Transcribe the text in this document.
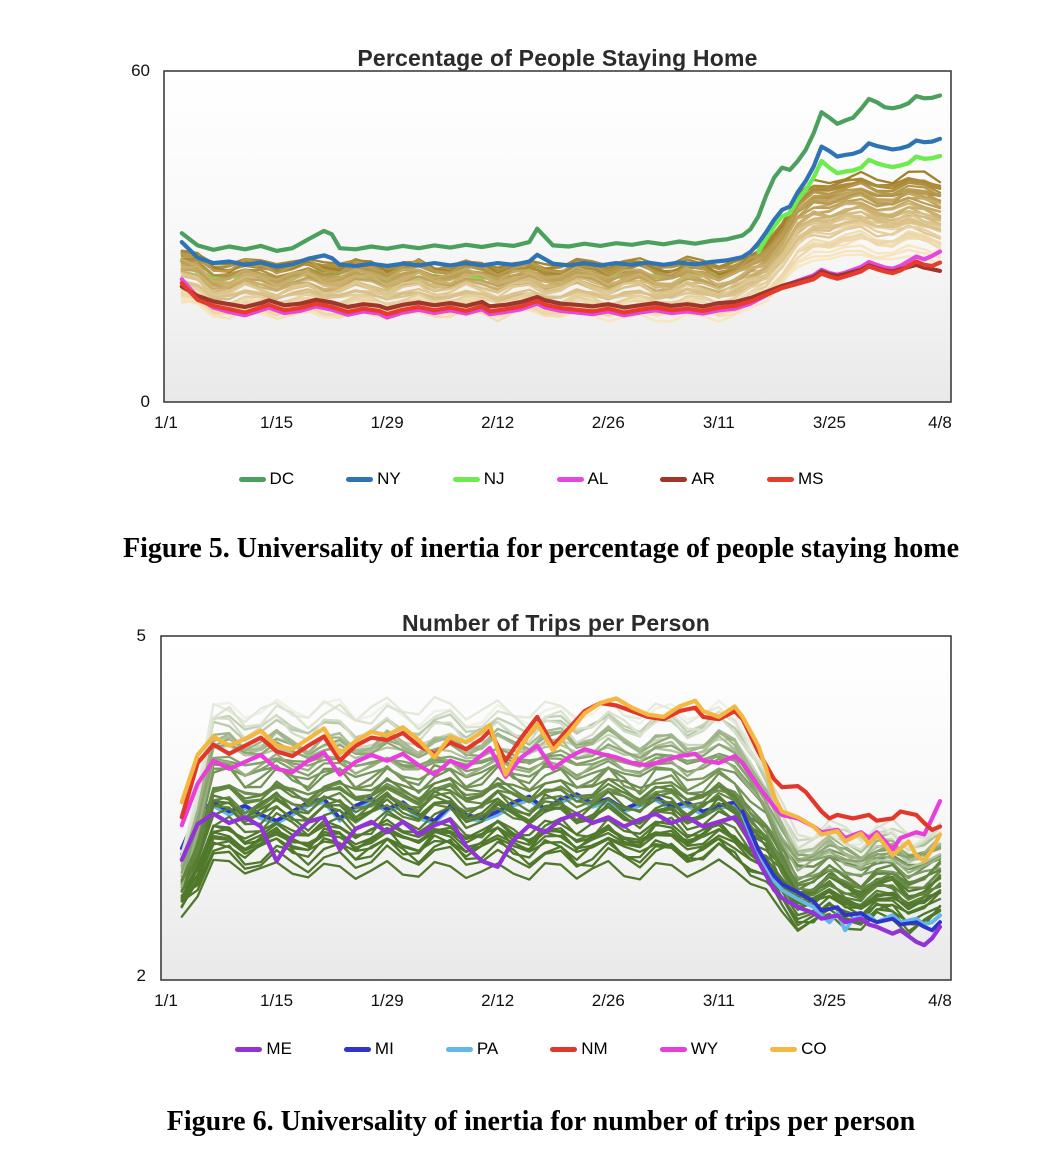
Percentage of People Staying Home
60
0
DC	NY	NJ	AL	AR	MS

Figure 5. Universality of inertia for percentage of people staying home

Number of Trips per Person
5
2
ME	MI	PA	NM	WY	CO

Figure 6. Universality of inertia for number of trips per person

1/1	1/15	1/29	2/12	2/26	3/11	3/25	4/8
1/1	1/15	1/29	2/12	2/26	3/11	3/25	4/8
